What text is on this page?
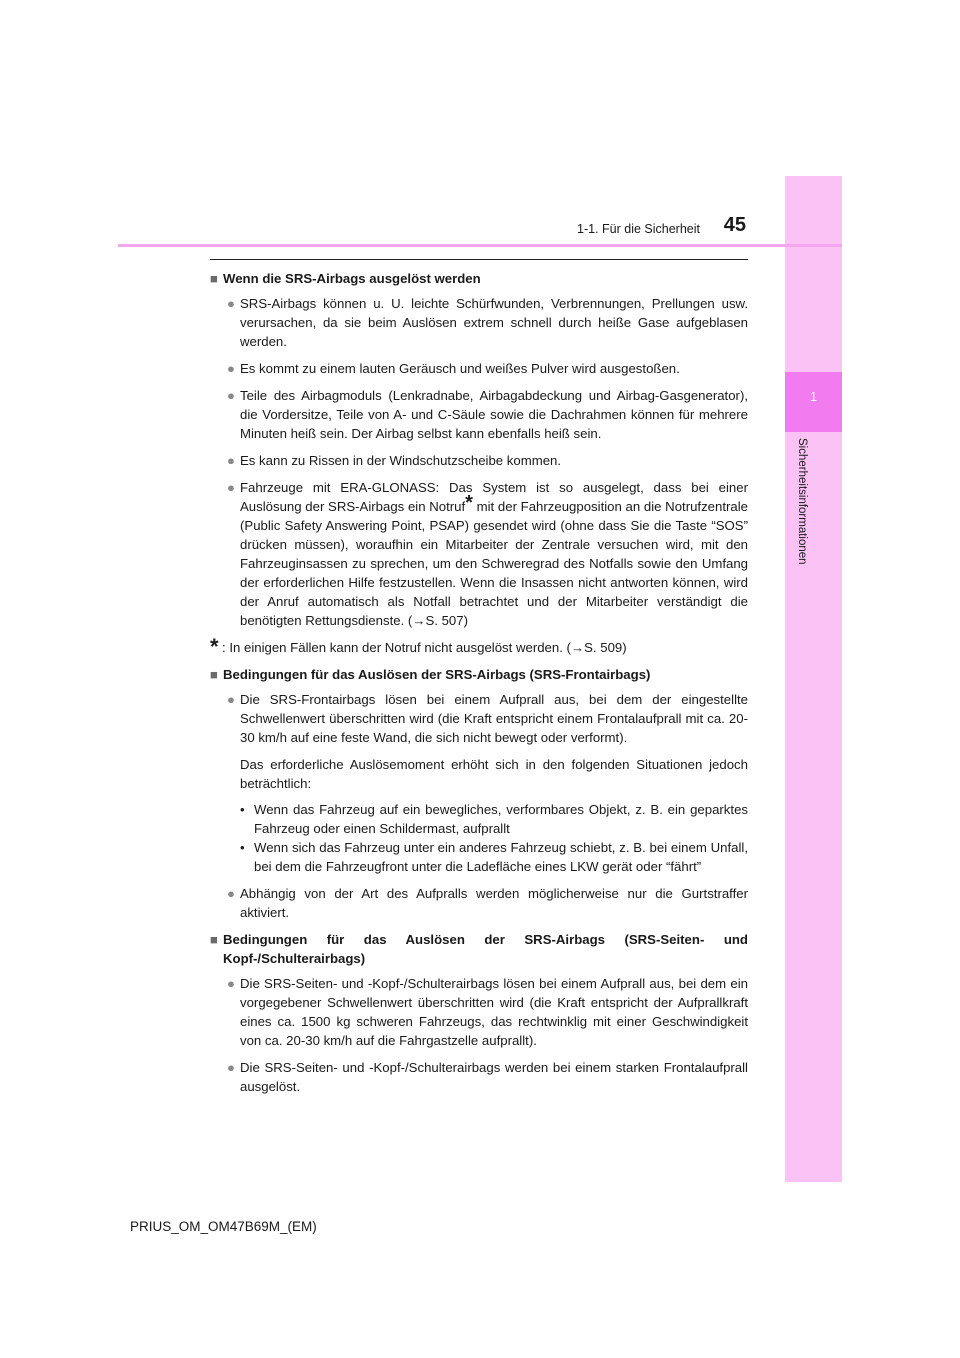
1
Sicherheitsinformationen
1-1. Für die Sicherheit	45
■ Wenn die SRS-Airbags ausgelöst werden
● SRS-Airbags können u. U. leichte Schürfwunden, Verbrennungen, Prellungen usw. verursachen, da sie beim Auslösen extrem schnell durch heiße Gase aufgeblasen werden.
● Es kommt zu einem lauten Geräusch und weißes Pulver wird ausgestoßen.
● Teile des Airbagmoduls (Lenkradnabe, Airbagabdeckung und Airbag-Gasgenerator), die Vordersitze, Teile von A- und C-Säule sowie die Dachrahmen können für mehrere Minuten heiß sein. Der Airbag selbst kann ebenfalls heiß sein.
● Es kann zu Rissen in der Windschutzscheibe kommen.
● Fahrzeuge mit ERA-GLONASS: Das System ist so ausgelegt, dass bei einer Auslösung der SRS-Airbags ein Notruf* mit der Fahrzeugposition an die Notrufzentrale (Public Safety Answering Point, PSAP) gesendet wird (ohne dass Sie die Taste “SOS” drücken müssen), woraufhin ein Mitarbeiter der Zentrale versuchen wird, mit den Fahrzeuginsassen zu sprechen, um den Schweregrad des Notfalls sowie den Umfang der erforderlichen Hilfe festzustellen. Wenn die Insassen nicht antworten können, wird der Anruf automatisch als Notfall betrachtet und der Mitarbeiter verständigt die benötigten Rettungsdienste. (→S. 507)
* : In einigen Fällen kann der Notruf nicht ausgelöst werden. (→S. 509)
■ Bedingungen für das Auslösen der SRS-Airbags (SRS-Frontairbags)
● Die SRS-Frontairbags lösen bei einem Aufprall aus, bei dem der eingestellte Schwellenwert überschritten wird (die Kraft entspricht einem Frontalaufprall mit ca. 20-30 km/h auf eine feste Wand, die sich nicht bewegt oder verformt).
Das erforderliche Auslösemoment erhöht sich in den folgenden Situationen jedoch beträchtlich:
• Wenn das Fahrzeug auf ein bewegliches, verformbares Objekt, z. B. ein geparktes Fahrzeug oder einen Schildermast, aufprallt
• Wenn sich das Fahrzeug unter ein anderes Fahrzeug schiebt, z. B. bei einem Unfall, bei dem die Fahrzeugfront unter die Ladefläche eines LKW gerät oder “fährt”
● Abhängig von der Art des Aufpralls werden möglicherweise nur die Gurtstraffer aktiviert.
■ Bedingungen für das Auslösen der SRS-Airbags (SRS-Seiten- und Kopf-/Schulterairbags)
● Die SRS-Seiten- und -Kopf-/Schulterairbags lösen bei einem Aufprall aus, bei dem ein vorgegebener Schwellenwert überschritten wird (die Kraft entspricht der Aufprallkraft eines ca. 1500 kg schweren Fahrzeugs, das rechtwinklig mit einer Geschwindigkeit von ca. 20-30 km/h auf die Fahrgastzelle aufprallt).
● Die SRS-Seiten- und -Kopf-/Schulterairbags werden bei einem starken Frontalaufprall ausgelöst.
PRIUS_OM_OM47B69M_(EM)
